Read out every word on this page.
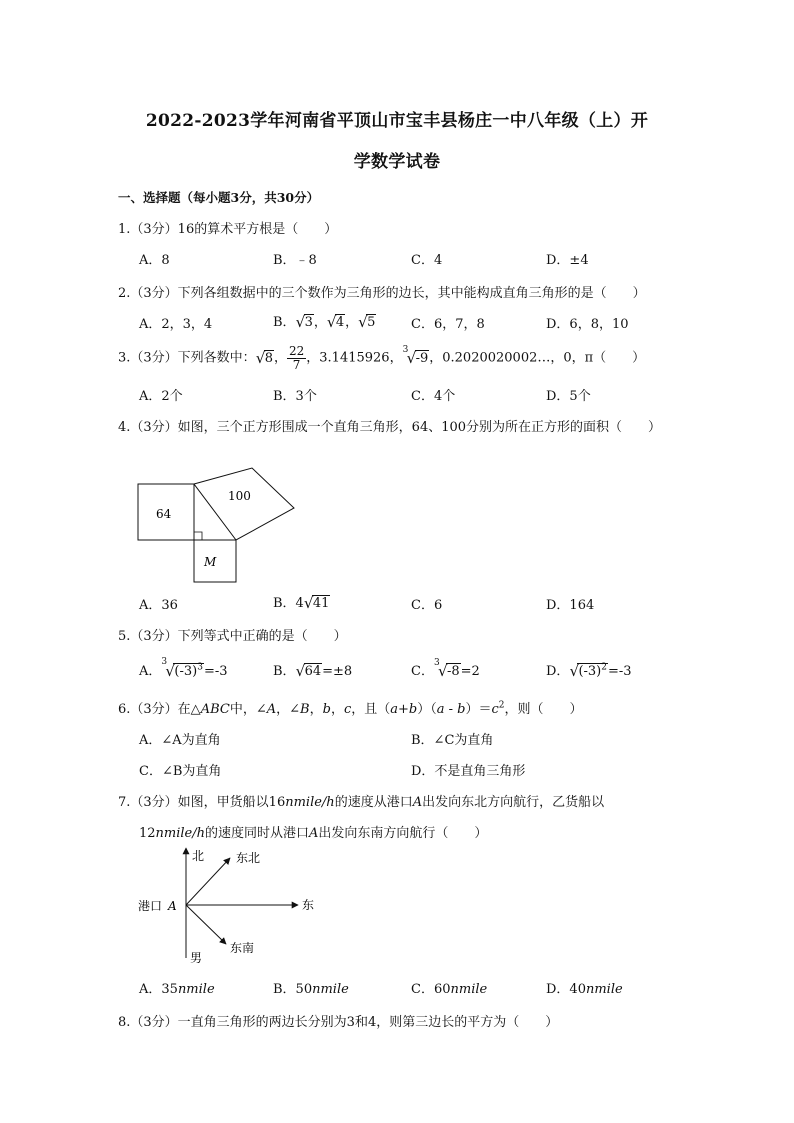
2022-2023学年河南省平顶山市宝丰县杨庄一中八年级（上）开
学数学试卷
一、选择题（每小题3分，共30分）
1.（3分）16的算术平方根是（　　）
A．8	B．﹣8	C．4	D．±4
2.（3分）下列各组数据中的三个数作为三角形的边长，其中能构成直角三角形的是（　　）
A．2，3，4	B． √ 3， √ 4， √ 5	C．6，7，8	D．6，8，10
3.（3分）下列各数中： √ 8， $\frac{22}{7}$ ，3.1415926，
3
√ -9，0.2020020002…，0，π（　　）
A．2个	B．3个	C．4个	D．5个
4.（3分）如图，三个正方形围成一个直角三角形，64、100分别为所在正方形的面积（　　）
64
100
M
A．36	B．4 √ 41	C．6	D．164
5.（3分）下列等式中正确的是（　　）
A．
3
√ $(-3)^3=-3$	B． √ 64=±8	C．
3
√ -8=2	D． √ $(-3)^2=-3$
6.（3分）在△ABC中，∠A，∠B，b，c，且$(a+b)(a - b)=c^2$，则（　　）
A．∠A为直角	B．∠C为直角
C．∠B为直角	D．不是直角三角形
7.（3分）如图，甲货船以16nmile/h的速度从港口A出发向东北方向航行，乙货船以
12nmile/h的速度同时从港口A出发向东南方向航行（　　）
北	东北
东
东南
男
港口 A
A．35nmile	B．50nmile	C．60nmile	D．40nmile
8.（3分）一直角三角形的两边长分别为3和4，则第三边长的平方为（　　）
